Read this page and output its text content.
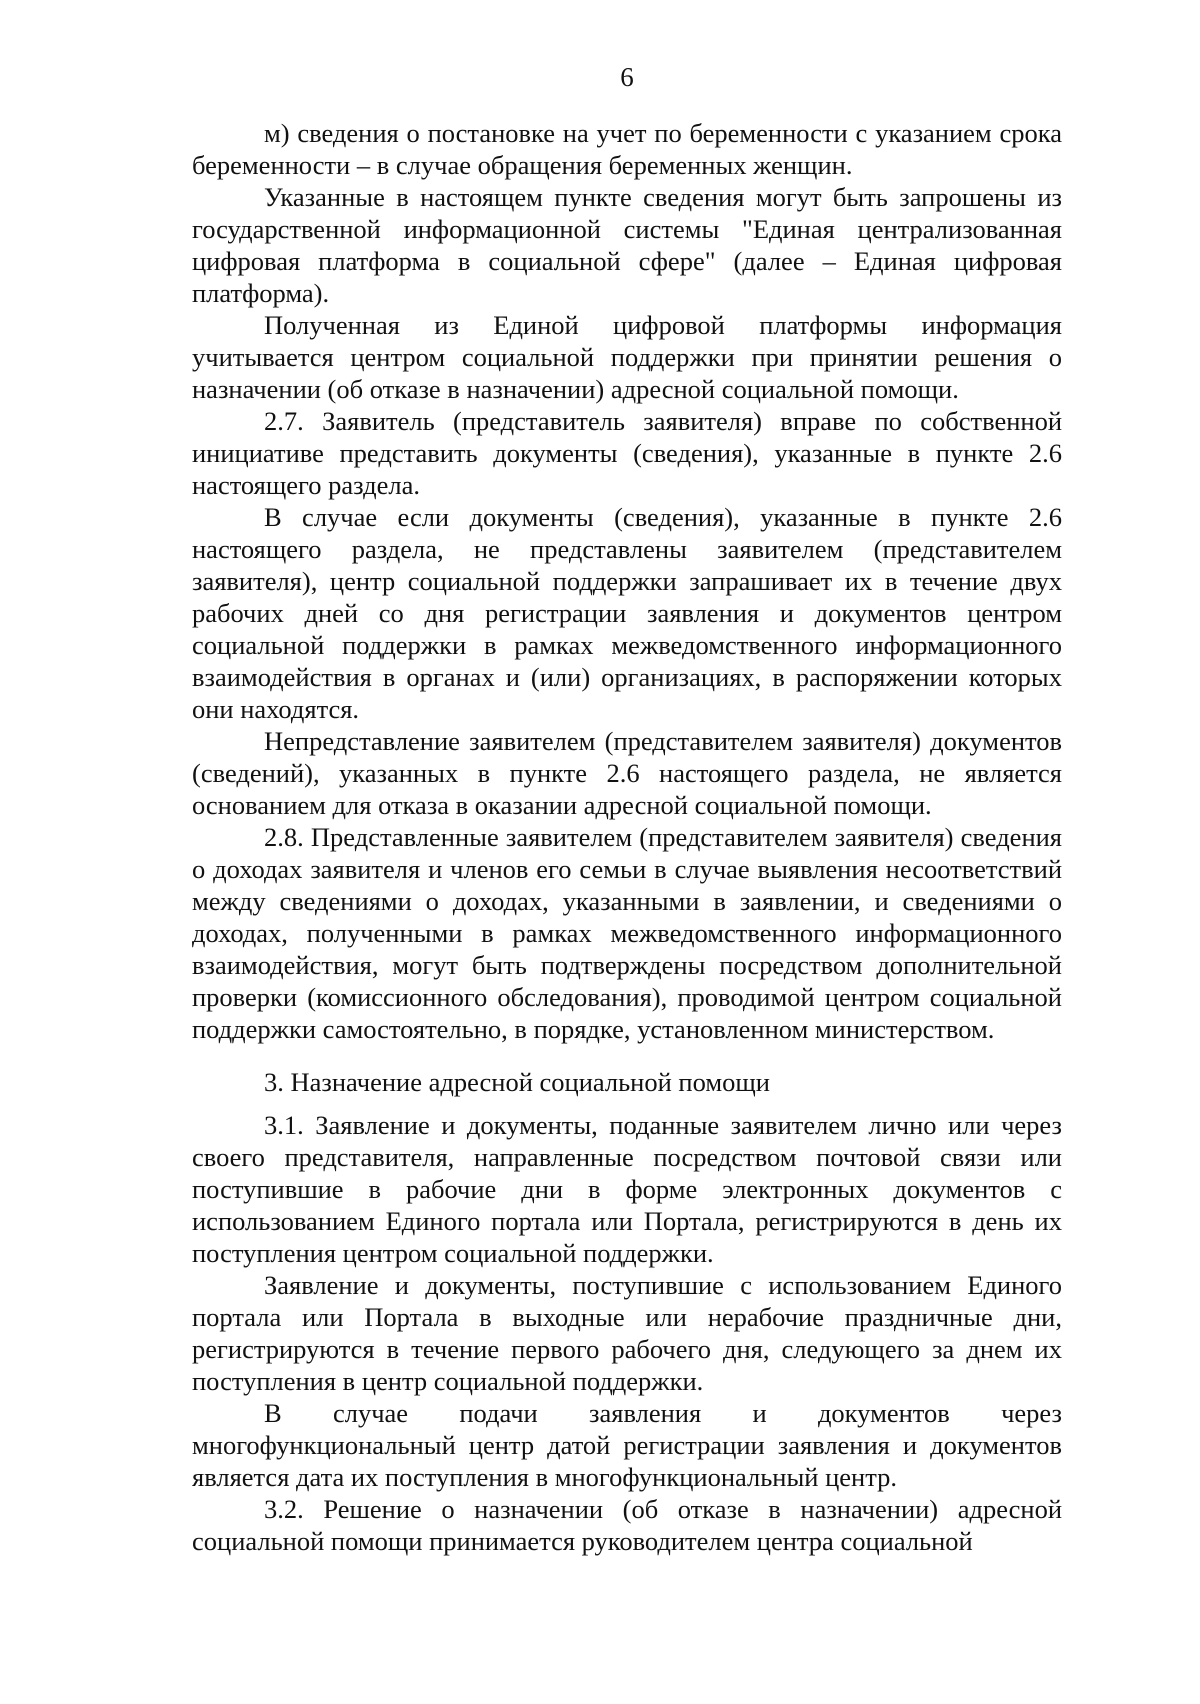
6

м) сведения о постановке на учет по беременности с указанием срока беременности – в случае обращения беременных женщин.

Указанные в настоящем пункте сведения могут быть запрошены из государственной информационной системы "Единая централизованная цифровая платформа в социальной сфере" (далее – Единая цифровая платформа).

Полученная из Единой цифровой платформы информация учитывается центром социальной поддержки при принятии решения о назначении (об отказе в назначении) адресной социальной помощи.

2.7. Заявитель (представитель заявителя) вправе по собственной инициативе представить документы (сведения), указанные в пункте 2.6 настоящего раздела.

В случае если документы (сведения), указанные в пункте 2.6 настоящего раздела, не представлены заявителем (представителем заявителя), центр социальной поддержки запрашивает их в течение двух рабочих дней со дня регистрации заявления и документов центром социальной поддержки в рамках межведомственного информационного взаимодействия в органах и (или) организациях, в распоряжении которых они находятся.

Непредставление заявителем (представителем заявителя) документов (сведений), указанных в пункте 2.6 настоящего раздела, не является основанием для отказа в оказании адресной социальной помощи.

2.8. Представленные заявителем (представителем заявителя) сведения о доходах заявителя и членов его семьи в случае выявления несоответствий между сведениями о доходах, указанными в заявлении, и сведениями о доходах, полученными в рамках межведомственного информационного взаимодействия, могут быть подтверждены посредством дополнительной проверки (комиссионного обследования), проводимой центром социальной поддержки самостоятельно, в порядке, установленном министерством.

3. Назначение адресной социальной помощи

3.1. Заявление и документы, поданные заявителем лично или через своего представителя, направленные посредством почтовой связи или поступившие в рабочие дни в форме электронных документов с использованием Единого портала или Портала, регистрируются в день их поступления центром социальной поддержки.

Заявление и документы, поступившие с использованием Единого портала или Портала в выходные или нерабочие праздничные дни, регистрируются в течение первого рабочего дня, следующего за днем их поступления в центр социальной поддержки.

В случае подачи заявления и документов через многофункциональный центр датой регистрации заявления и документов является дата их поступления в многофункциональный центр.

3.2. Решение о назначении (об отказе в назначении) адресной социальной помощи принимается руководителем центра социальной
